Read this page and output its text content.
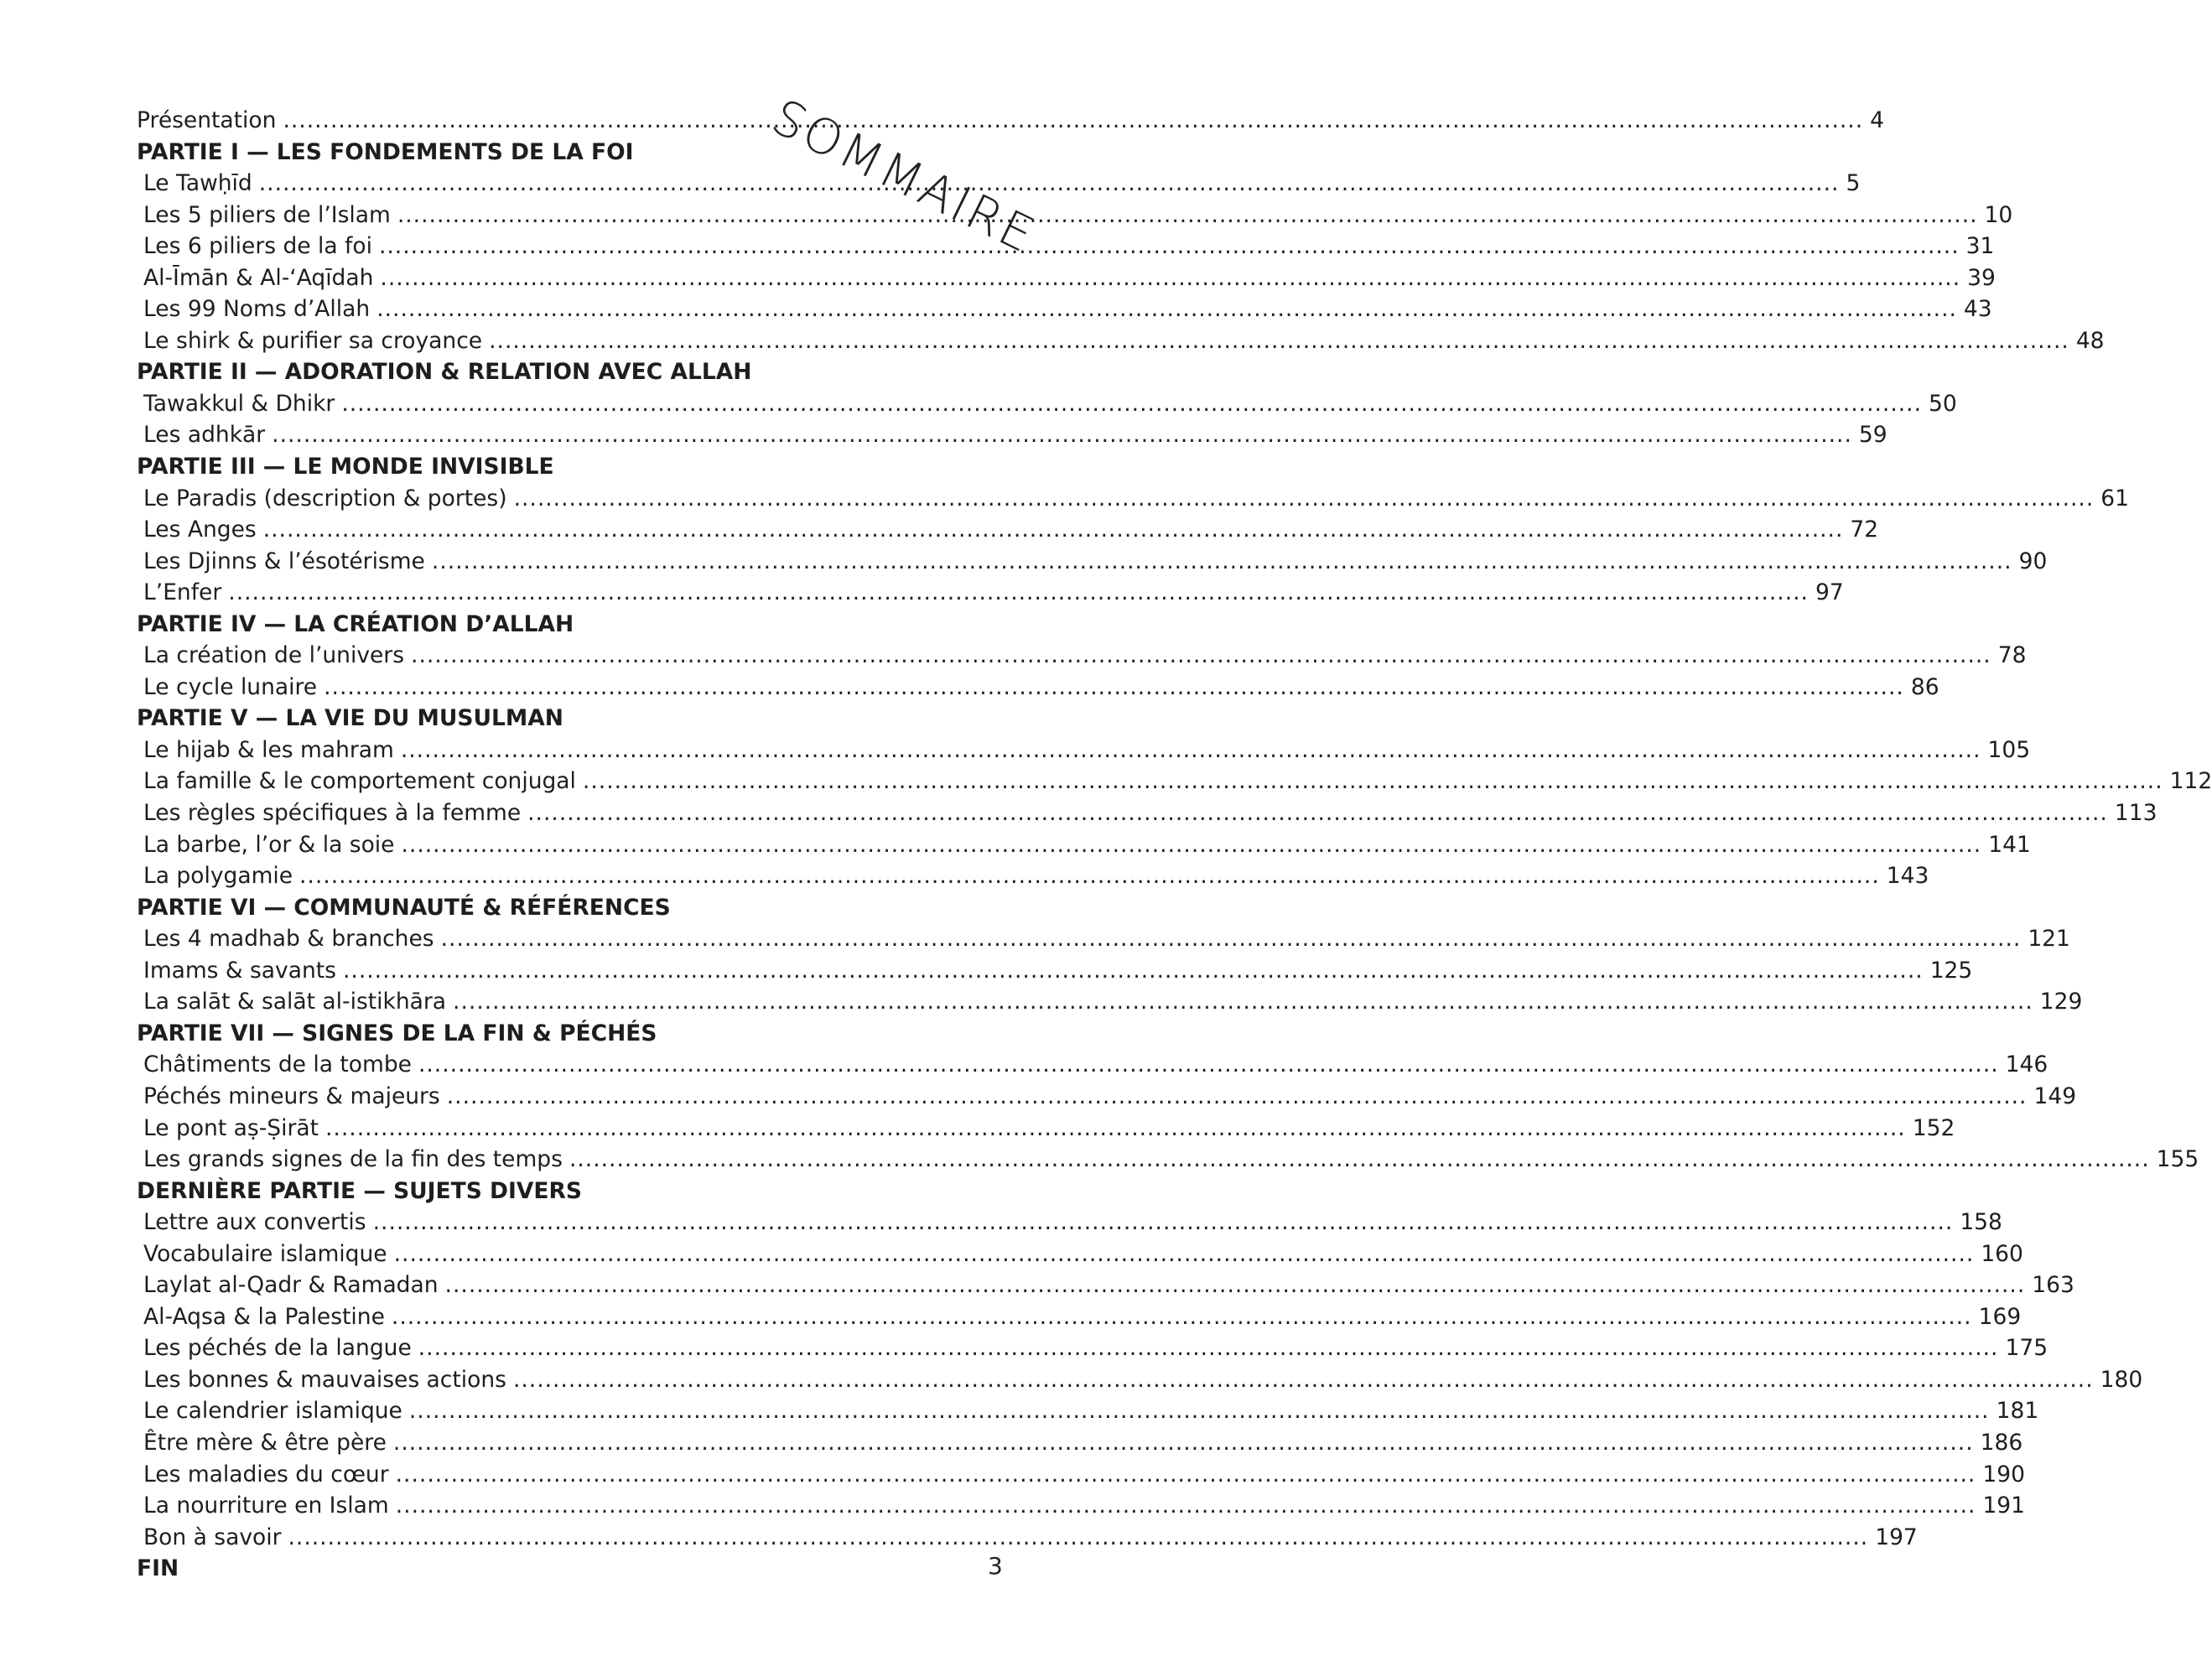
SOMMAIRE
Présentation ........................................................................................................................................................................................................ 4
PARTIE I — LES FONDEMENTS DE LA FOI
Le Tawḥīd ........................................................................................................................................................................................................ 5
Les 5 piliers de l’Islam ........................................................................................................................................................................................................ 10
Les 6 piliers de la foi ........................................................................................................................................................................................................ 31
Al-Īmān & Al-‘Aqīdah ........................................................................................................................................................................................................ 39
Les 99 Noms d’Allah ........................................................................................................................................................................................................ 43
Le shirk & purifier sa croyance ........................................................................................................................................................................................................ 48
PARTIE II — ADORATION & RELATION AVEC ALLAH
Tawakkul & Dhikr ........................................................................................................................................................................................................ 50
Les adhkār ........................................................................................................................................................................................................ 59
PARTIE III — LE MONDE INVISIBLE
Le Paradis (description & portes) ........................................................................................................................................................................................................ 61
Les Anges ........................................................................................................................................................................................................ 72
Les Djinns & l’ésotérisme ........................................................................................................................................................................................................ 90
L’Enfer ........................................................................................................................................................................................................ 97
PARTIE IV — LA CRÉATION D’ALLAH
La création de l’univers ........................................................................................................................................................................................................ 78
Le cycle lunaire ........................................................................................................................................................................................................ 86
PARTIE V — LA VIE DU MUSULMAN
Le hijab & les mahram ........................................................................................................................................................................................................ 105
La famille & le comportement conjugal ........................................................................................................................................................................................................ 112
Les règles spécifiques à la femme ........................................................................................................................................................................................................ 113
La barbe, l’or & la soie ........................................................................................................................................................................................................ 141
La polygamie ........................................................................................................................................................................................................ 143
PARTIE VI — COMMUNAUTÉ & RÉFÉRENCES
Les 4 madhab & branches ........................................................................................................................................................................................................ 121
Imams & savants ........................................................................................................................................................................................................ 125
La salāt & salāt al-istikhāra ........................................................................................................................................................................................................ 129
PARTIE VII — SIGNES DE LA FIN & PÉCHÉS
Châtiments de la tombe ........................................................................................................................................................................................................ 146
Péchés mineurs & majeurs ........................................................................................................................................................................................................ 149
Le pont aṣ-Ṣirāt ........................................................................................................................................................................................................ 152
Les grands signes de la fin des temps ........................................................................................................................................................................................................ 155
DERNIÈRE PARTIE — SUJETS DIVERS
Lettre aux convertis ........................................................................................................................................................................................................ 158
Vocabulaire islamique ........................................................................................................................................................................................................ 160
Laylat al-Qadr & Ramadan ........................................................................................................................................................................................................ 163
Al-Aqsa & la Palestine ........................................................................................................................................................................................................ 169
Les péchés de la langue ........................................................................................................................................................................................................ 175
Les bonnes & mauvaises actions ........................................................................................................................................................................................................ 180
Le calendrier islamique ........................................................................................................................................................................................................ 181
Être mère & être père ........................................................................................................................................................................................................ 186
Les maladies du cœur ........................................................................................................................................................................................................ 190
La nourriture en Islam ........................................................................................................................................................................................................ 191
Bon à savoir ........................................................................................................................................................................................................ 197
FIN	3
